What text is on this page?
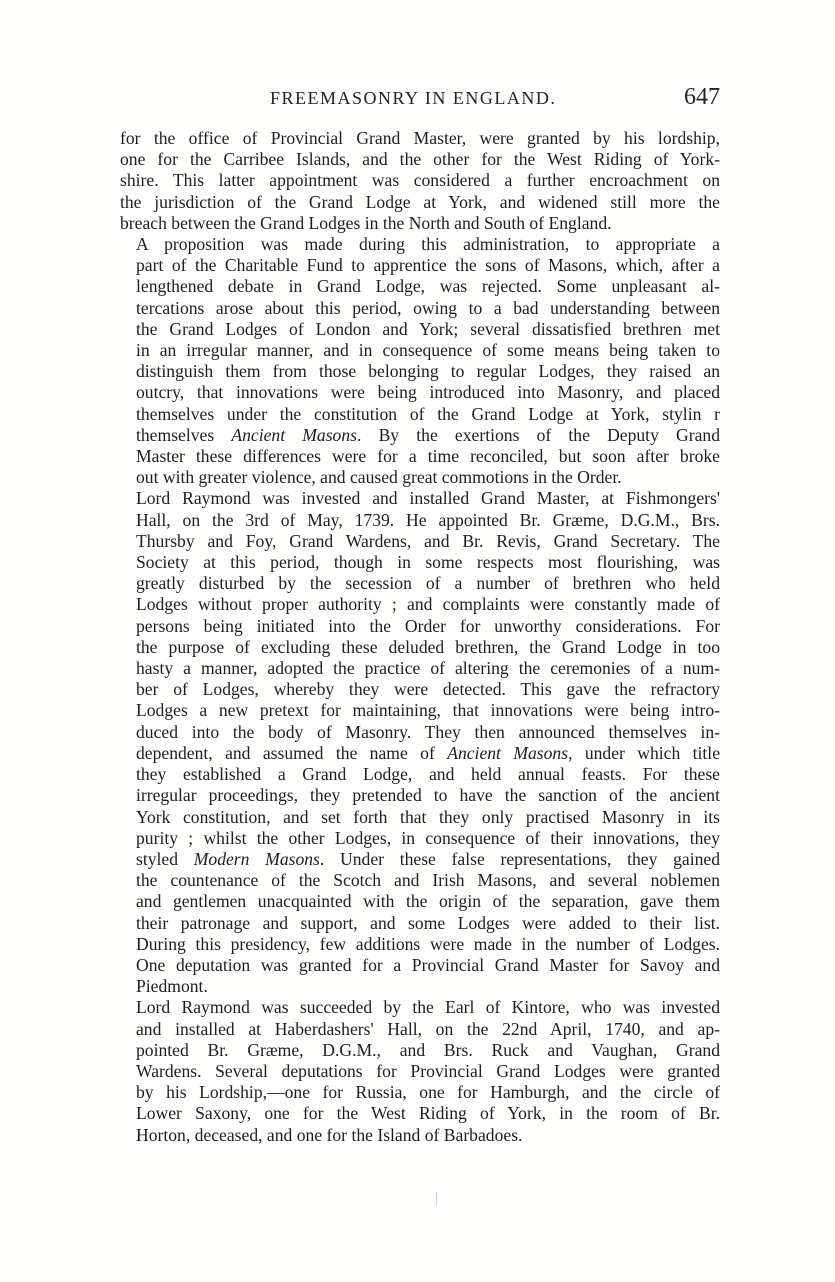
FREEMASONRY IN ENGLAND.	647

for the office of Provincial Grand Master, were granted by his lordship,
one for the Carribee Islands, and the other for the West Riding of York-
shire. This latter appointment was considered a further encroachment on
the jurisdiction of the Grand Lodge at York, and widened still more the
breach between the Grand Lodges in the North and South of England.

A proposition was made during this administration, to appropriate a
part of the Charitable Fund to apprentice the sons of Masons, which, after a
lengthened debate in Grand Lodge, was rejected. Some unpleasant al-
tercations arose about this period, owing to a bad understanding between
the Grand Lodges of London and York; several dissatisfied brethren met
in an irregular manner, and in consequence of some means being taken to
distinguish them from those belonging to regular Lodges, they raised an
outcry, that innovations were being introduced into Masonry, and placed
themselves under the constitution of the Grand Lodge at York, stylin r
themselves Ancient Masons. By the exertions of the Deputy Grand
Master these differences were for a time reconciled, but soon after broke
out with greater violence, and caused great commotions in the Order.

Lord Raymond was invested and installed Grand Master, at Fishmongers'
Hall, on the 3rd of May, 1739. He appointed Br. Græme, D.G.M., Brs.
Thursby and Foy, Grand Wardens, and Br. Revis, Grand Secretary. The
Society at this period, though in some respects most flourishing, was
greatly disturbed by the secession of a number of brethren who held
Lodges without proper authority ; and complaints were constantly made of
persons being initiated into the Order for unworthy considerations. For
the purpose of excluding these deluded brethren, the Grand Lodge in too
hasty a manner, adopted the practice of altering the ceremonies of a num-
ber of Lodges, whereby they were detected. This gave the refractory
Lodges a new pretext for maintaining, that innovations were being intro-
duced into the body of Masonry. They then announced themselves in-
dependent, and assumed the name of Ancient Masons, under which title
they established a Grand Lodge, and held annual feasts. For these
irregular proceedings, they pretended to have the sanction of the ancient
York constitution, and set forth that they only practised Masonry in its
purity ; whilst the other Lodges, in consequence of their innovations, they
styled Modern Masons. Under these false representations, they gained
the countenance of the Scotch and Irish Masons, and several noblemen
and gentlemen unacquainted with the origin of the separation, gave them
their patronage and support, and some Lodges were added to their list.
During this presidency, few additions were made in the number of Lodges.
One deputation was granted for a Provincial Grand Master for Savoy and
Piedmont.

Lord Raymond was succeeded by the Earl of Kintore, who was invested
and installed at Haberdashers' Hall, on the 22nd April, 1740, and ap-
pointed Br. Græme, D.G.M., and Brs. Ruck and Vaughan, Grand
Wardens. Several deputations for Provincial Grand Lodges were granted
by his Lordship,—one for Russia, one for Hamburgh, and the circle of
Lower Saxony, one for the West Riding of York, in the room of Br.
Horton, deceased, and one for the Island of Barbadoes.
